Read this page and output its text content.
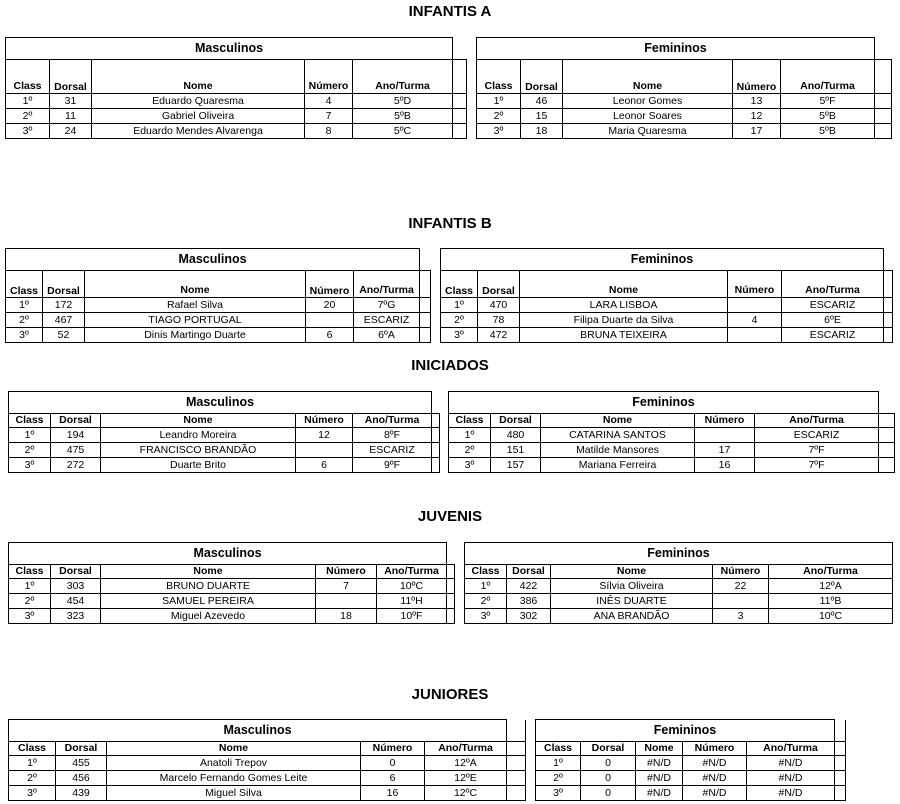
INFANTIS A
Masculinos					
Class	Dorsal	Nome	Número	Ano/Turma	
1º	31	Eduardo Quaresma	4	5ºD	
2º	11	Gabriel Oliveira	7	5ºB	
3º	24	Eduardo Mendes Alvarenga	8	5ºC	
Femininos					
Class	Dorsal	Nome	Número	Ano/Turma	
1º	46	Leonor Gomes	13	5ºF	
2º	15	Leonor Soares	12	5ºB	
3º	18	Maria Quaresma	17	5ºB	
INFANTIS B
Masculinos					
Class	Dorsal	Nome	Número	Ano/Turma	
1º	172	Rafael Silva	20	7ºG	
2º	467	TIAGO PORTUGAL		ESCARIZ	
3º	52	Dinis Martingo Duarte	6	6ºA	
Femininos					
Class	Dorsal	Nome	Número	Ano/Turma	
1º	470	LARA LISBOA		ESCARIZ	
2º	78	Filipa Duarte da Silva	4	6ºE	
3º	472	BRUNA TEIXEIRA		ESCARIZ	
INICIADOS
Masculinos					
Class	Dorsal	Nome	Número	Ano/Turma	
1º	194	Leandro Moreira	12	8ºF	
2º	475	FRANCISCO BRANDÃO		ESCARIZ	
3º	272	Duarte Brito	6	9ºF	
Femininos					
Class	Dorsal	Nome	Número	Ano/Turma	
1º	480	CATARINA SANTOS		ESCARIZ	
2º	151	Matilde Mansores	17	7ºF	
3º	157	Mariana Ferreira	16	7ºF	
JUVENIS
Masculinos					
Class	Dorsal	Nome	Número	Ano/Turma	
1º	303	BRUNO DUARTE	7	10ºC	
2º	454	SAMUEL PEREIRA		11ºH	
3º	323	Miguel Azevedo	18	10ºF	
Femininos				
Class	Dorsal	Nome	Número	Ano/Turma
1º	422	Sílvia Oliveira	22	12ºA
2º	386	INÊS DUARTE		11ºB
3º	302	ANA BRANDÃO	3	10ºC
JUNIORES
Masculinos					
Class	Dorsal	Nome	Número	Ano/Turma	
1º	455	Anatoli Trepov	0	12ºA	
2º	456	Marcelo Fernando Gomes Leite	6	12ºE	
3º	439	Miguel Silva	16	12ºC	
Femininos					
Class	Dorsal	Nome	Número	Ano/Turma	
1º	0	#N/D	#N/D	#N/D	
2º	0	#N/D	#N/D	#N/D	
3º	0	#N/D	#N/D	#N/D	
